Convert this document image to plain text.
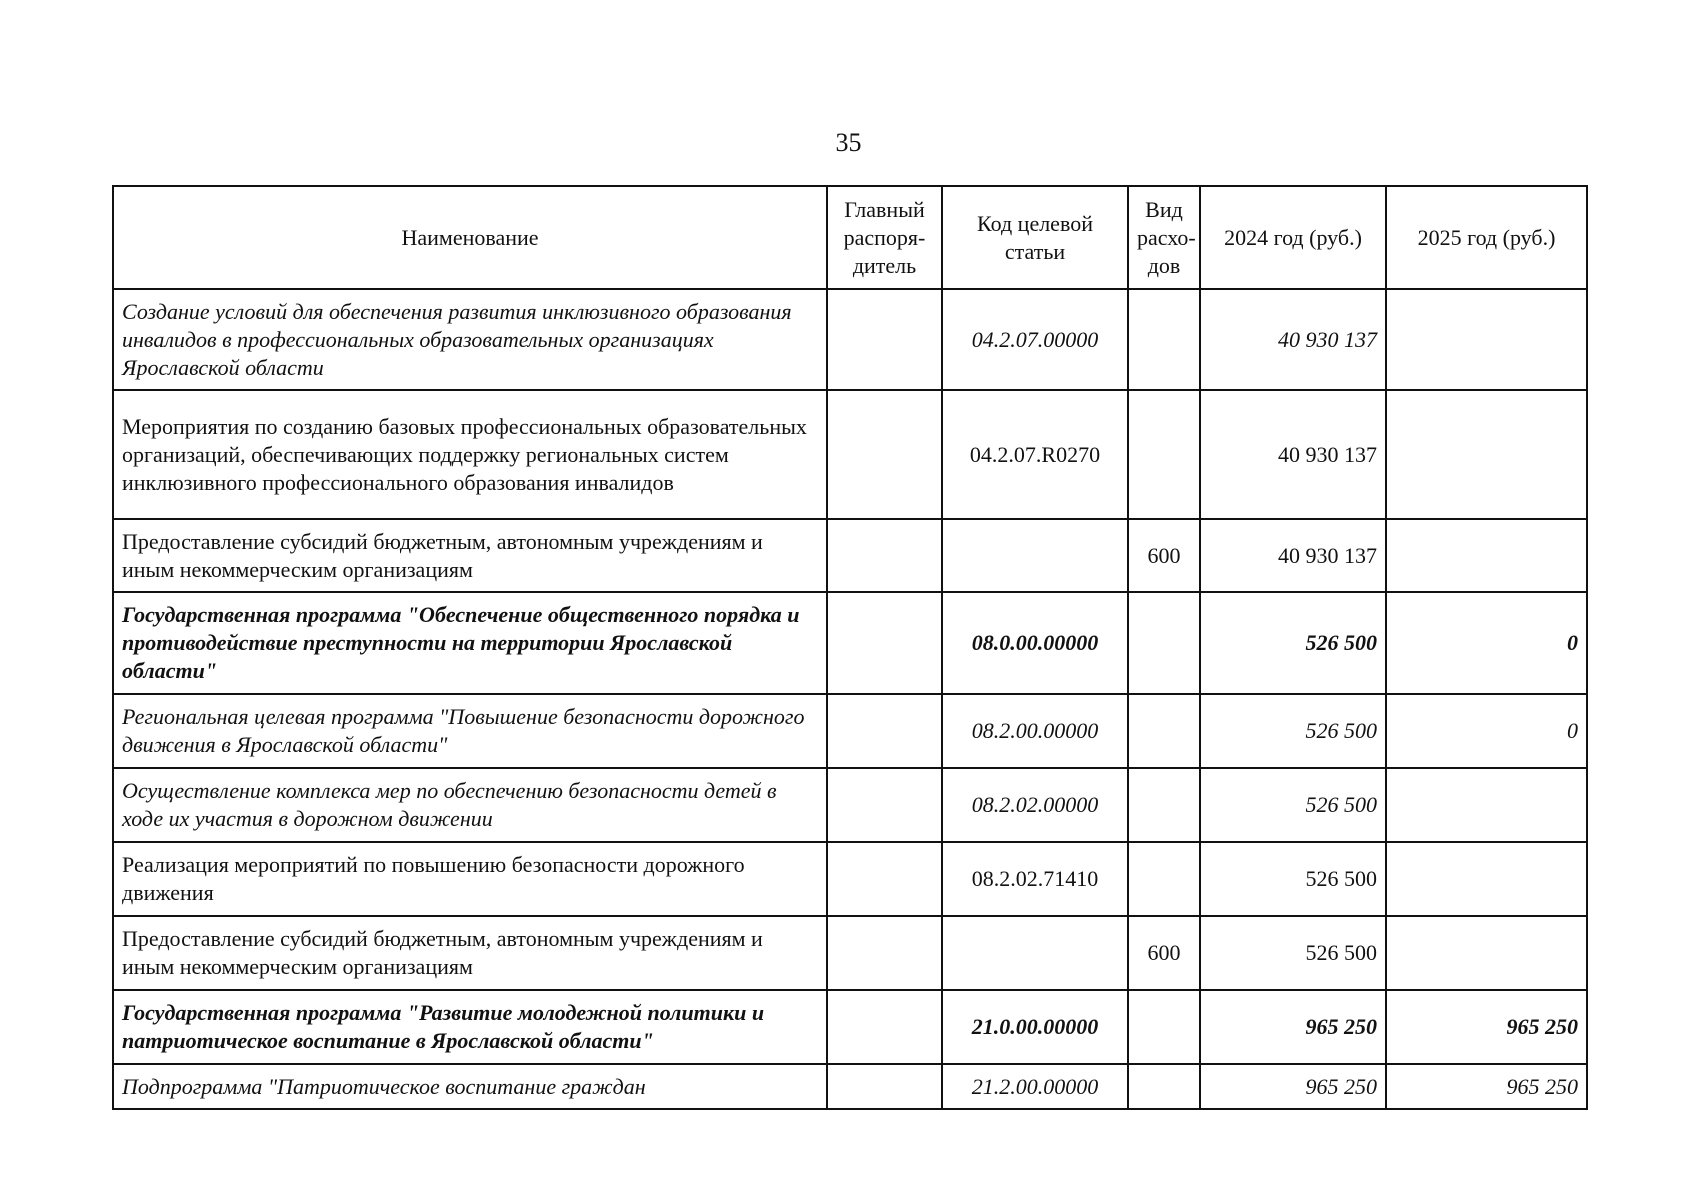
35
Наименование	Главный распоря-дитель	Код целевой статьи	Вид расхо-дов	2024 год (руб.)	2025 год (руб.)
Создание условий для обеспечения развития инклюзивного образования инвалидов в профессиональных образовательных организациях Ярославской области		04.2.07.00000		40 930 137	
Мероприятия по созданию базовых профессиональных образовательных организаций, обеспечивающих поддержку региональных систем инклюзивного профессионального образования инвалидов		04.2.07.R0270		40 930 137	
Предоставление субсидий бюджетным, автономным учреждениям и иным некоммерческим организациям			600	40 930 137	
Государственная программа "Обеспечение общественного порядка и противодействие преступности на территории Ярославской области"		08.0.00.00000		526 500	0
Региональная целевая программа "Повышение безопасности дорожного движения в Ярославской области"		08.2.00.00000		526 500	0
Осуществление комплекса мер по обеспечению безопасности детей в ходе их участия в дорожном движении		08.2.02.00000		526 500	
Реализация мероприятий по повышению безопасности дорожного движения		08.2.02.71410		526 500	
Предоставление субсидий бюджетным, автономным учреждениям и иным некоммерческим организациям			600	526 500	
Государственная программа "Развитие молодежной политики и патриотическое воспитание в Ярославской области"		21.0.00.00000		965 250	965 250
Подпрограмма "Патриотическое воспитание граждан		21.2.00.00000		965 250	965 250
